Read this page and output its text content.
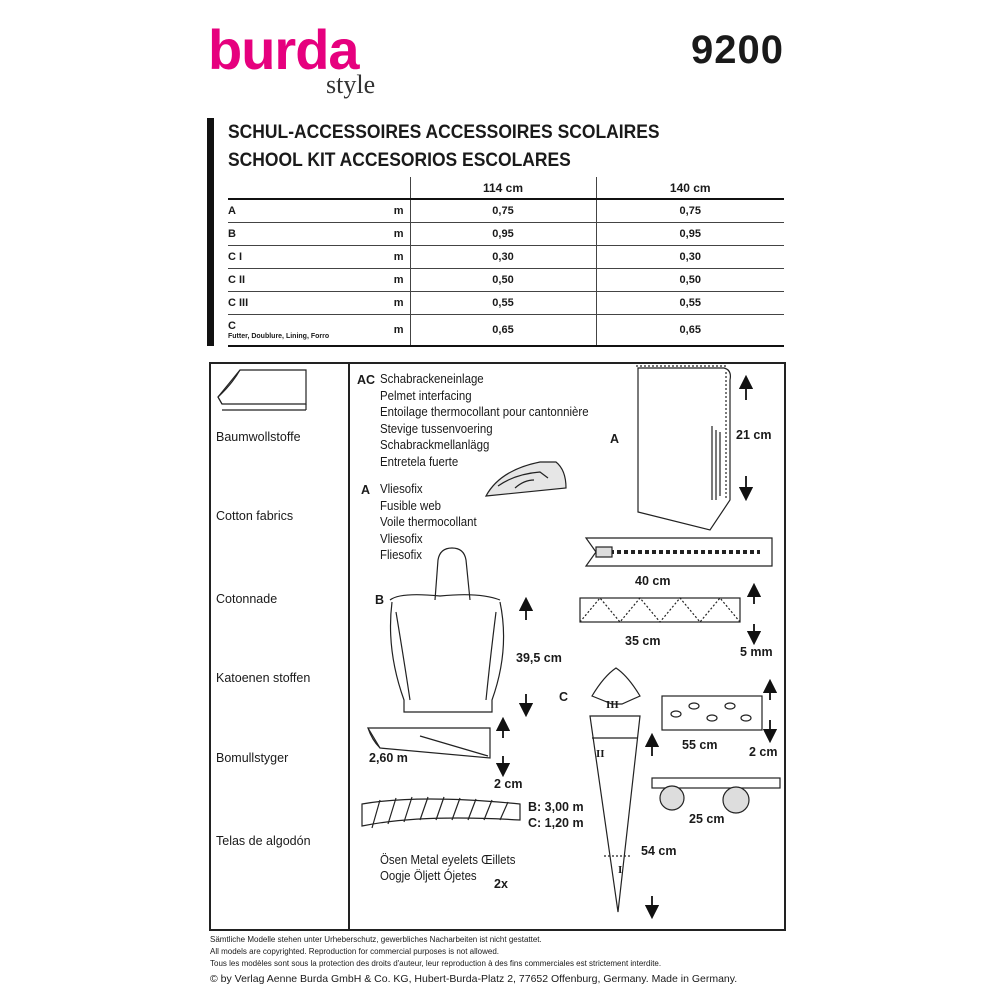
burda
style
9200
SCHUL-ACCESSOIRES ACCESSOIRES SCOLAIRES
SCHOOL KIT ACCESORIOS ESCOLARES
		114 cm	140 cm
A	m	0,75	0,75
B	m	0,95	0,95
C I	m	0,30	0,30
C II	m	0,50	0,50
C III	m	0,55	0,55
C
Futter, Doublure, Lining, Forro	m	0,65	0,65
Baumwollstoffe
Cotton fabrics
Cotonnade
Katoenen stoffen
Bomullstyger
Telas de algodón
AC Schabrackeneinlage
Pelmet interfacing
Entoilage thermocollant pour cantonnière
Stevige tussenvoering
Schabrackmellanlägg
Entretela fuerte
A Vliesofix
Fusible web
Voile thermocollant
Vliesofix
Fliesofix
Ösen Metal eyelets Œillets
Oogje Öljett Ójetes
2x
A	21 cm
40 cm
35 cm
5 mm
B
39,5 cm
C
55 cm	2 cm
2,60 m
2 cm
25 cm
B: 3,00 m
C: 1,20 m
54 cm
III
II
I
Sämtliche Modelle stehen unter Urheberschutz, gewerbliches Nacharbeiten ist nicht gestattet.
All models are copyrighted. Reproduction for commercial purposes is not allowed.
Tous les modèles sont sous la protection des droits d'auteur, leur reproduction à des fins commerciales est strictement interdite.
© by Verlag Aenne Burda GmbH & Co. KG, Hubert-Burda-Platz 2, 77652 Offenburg, Germany. Made in Germany.
